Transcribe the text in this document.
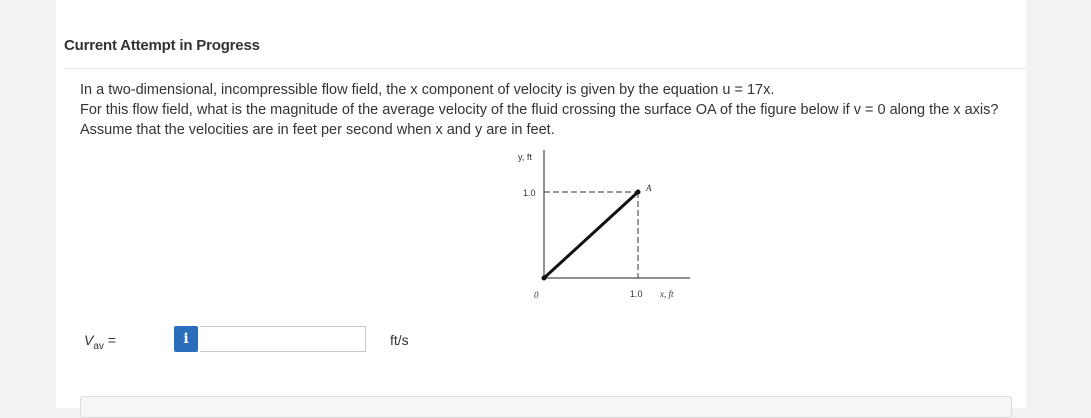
Current Attempt in Progress

In a two-dimensional, incompressible flow field, the x component of velocity is given by the equation u = 17x.

For this flow field, what is the magnitude of the average velocity of the fluid crossing the surface OA of the figure below if v = 0 along the x axis? Assume that the velocities are in feet per second when x and y are in feet.

y, ft
1.0	A
0	1.0 x, ft
$V_{av}$ =	i	ft/s
